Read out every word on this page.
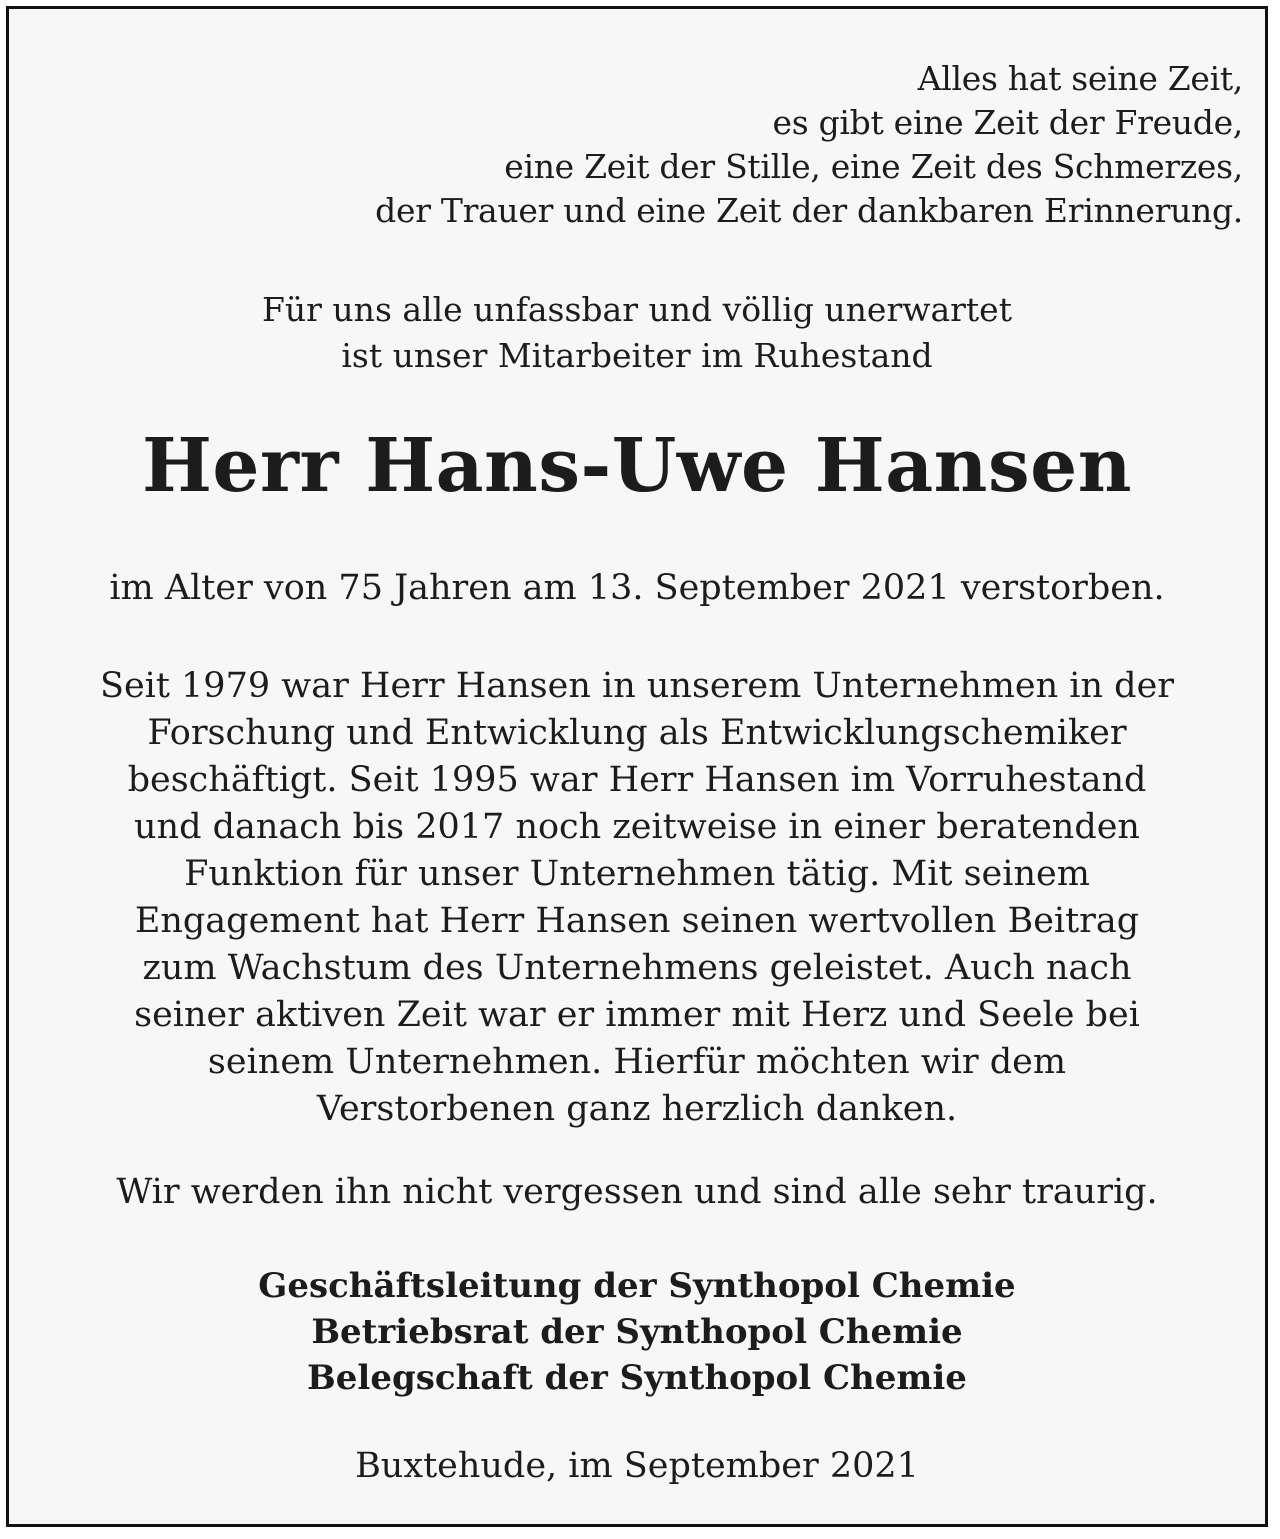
Alles hat seine Zeit,
es gibt eine Zeit der Freude,
eine Zeit der Stille, eine Zeit des Schmerzes,
der Trauer und eine Zeit der dankbaren Erinnerung.
Für uns alle unfassbar und völlig unerwartet
ist unser Mitarbeiter im Ruhestand
Herr Hans-Uwe Hansen
im Alter von 75 Jahren am 13. September 2021 verstorben.
Seit 1979 war Herr Hansen in unserem Unternehmen in der
Forschung und Entwicklung als Entwicklungschemiker
beschäftigt. Seit 1995 war Herr Hansen im Vorruhestand
und danach bis 2017 noch zeitweise in einer beratenden
Funktion für unser Unternehmen tätig. Mit seinem
Engagement hat Herr Hansen seinen wertvollen Beitrag
zum Wachstum des Unternehmens geleistet. Auch nach
seiner aktiven Zeit war er immer mit Herz und Seele bei
seinem Unternehmen. Hierfür möchten wir dem
Verstorbenen ganz herzlich danken.
Wir werden ihn nicht vergessen und sind alle sehr traurig.
Geschäftsleitung der Synthopol Chemie
Betriebsrat der Synthopol Chemie
Belegschaft der Synthopol Chemie
Buxtehude, im September 2021
